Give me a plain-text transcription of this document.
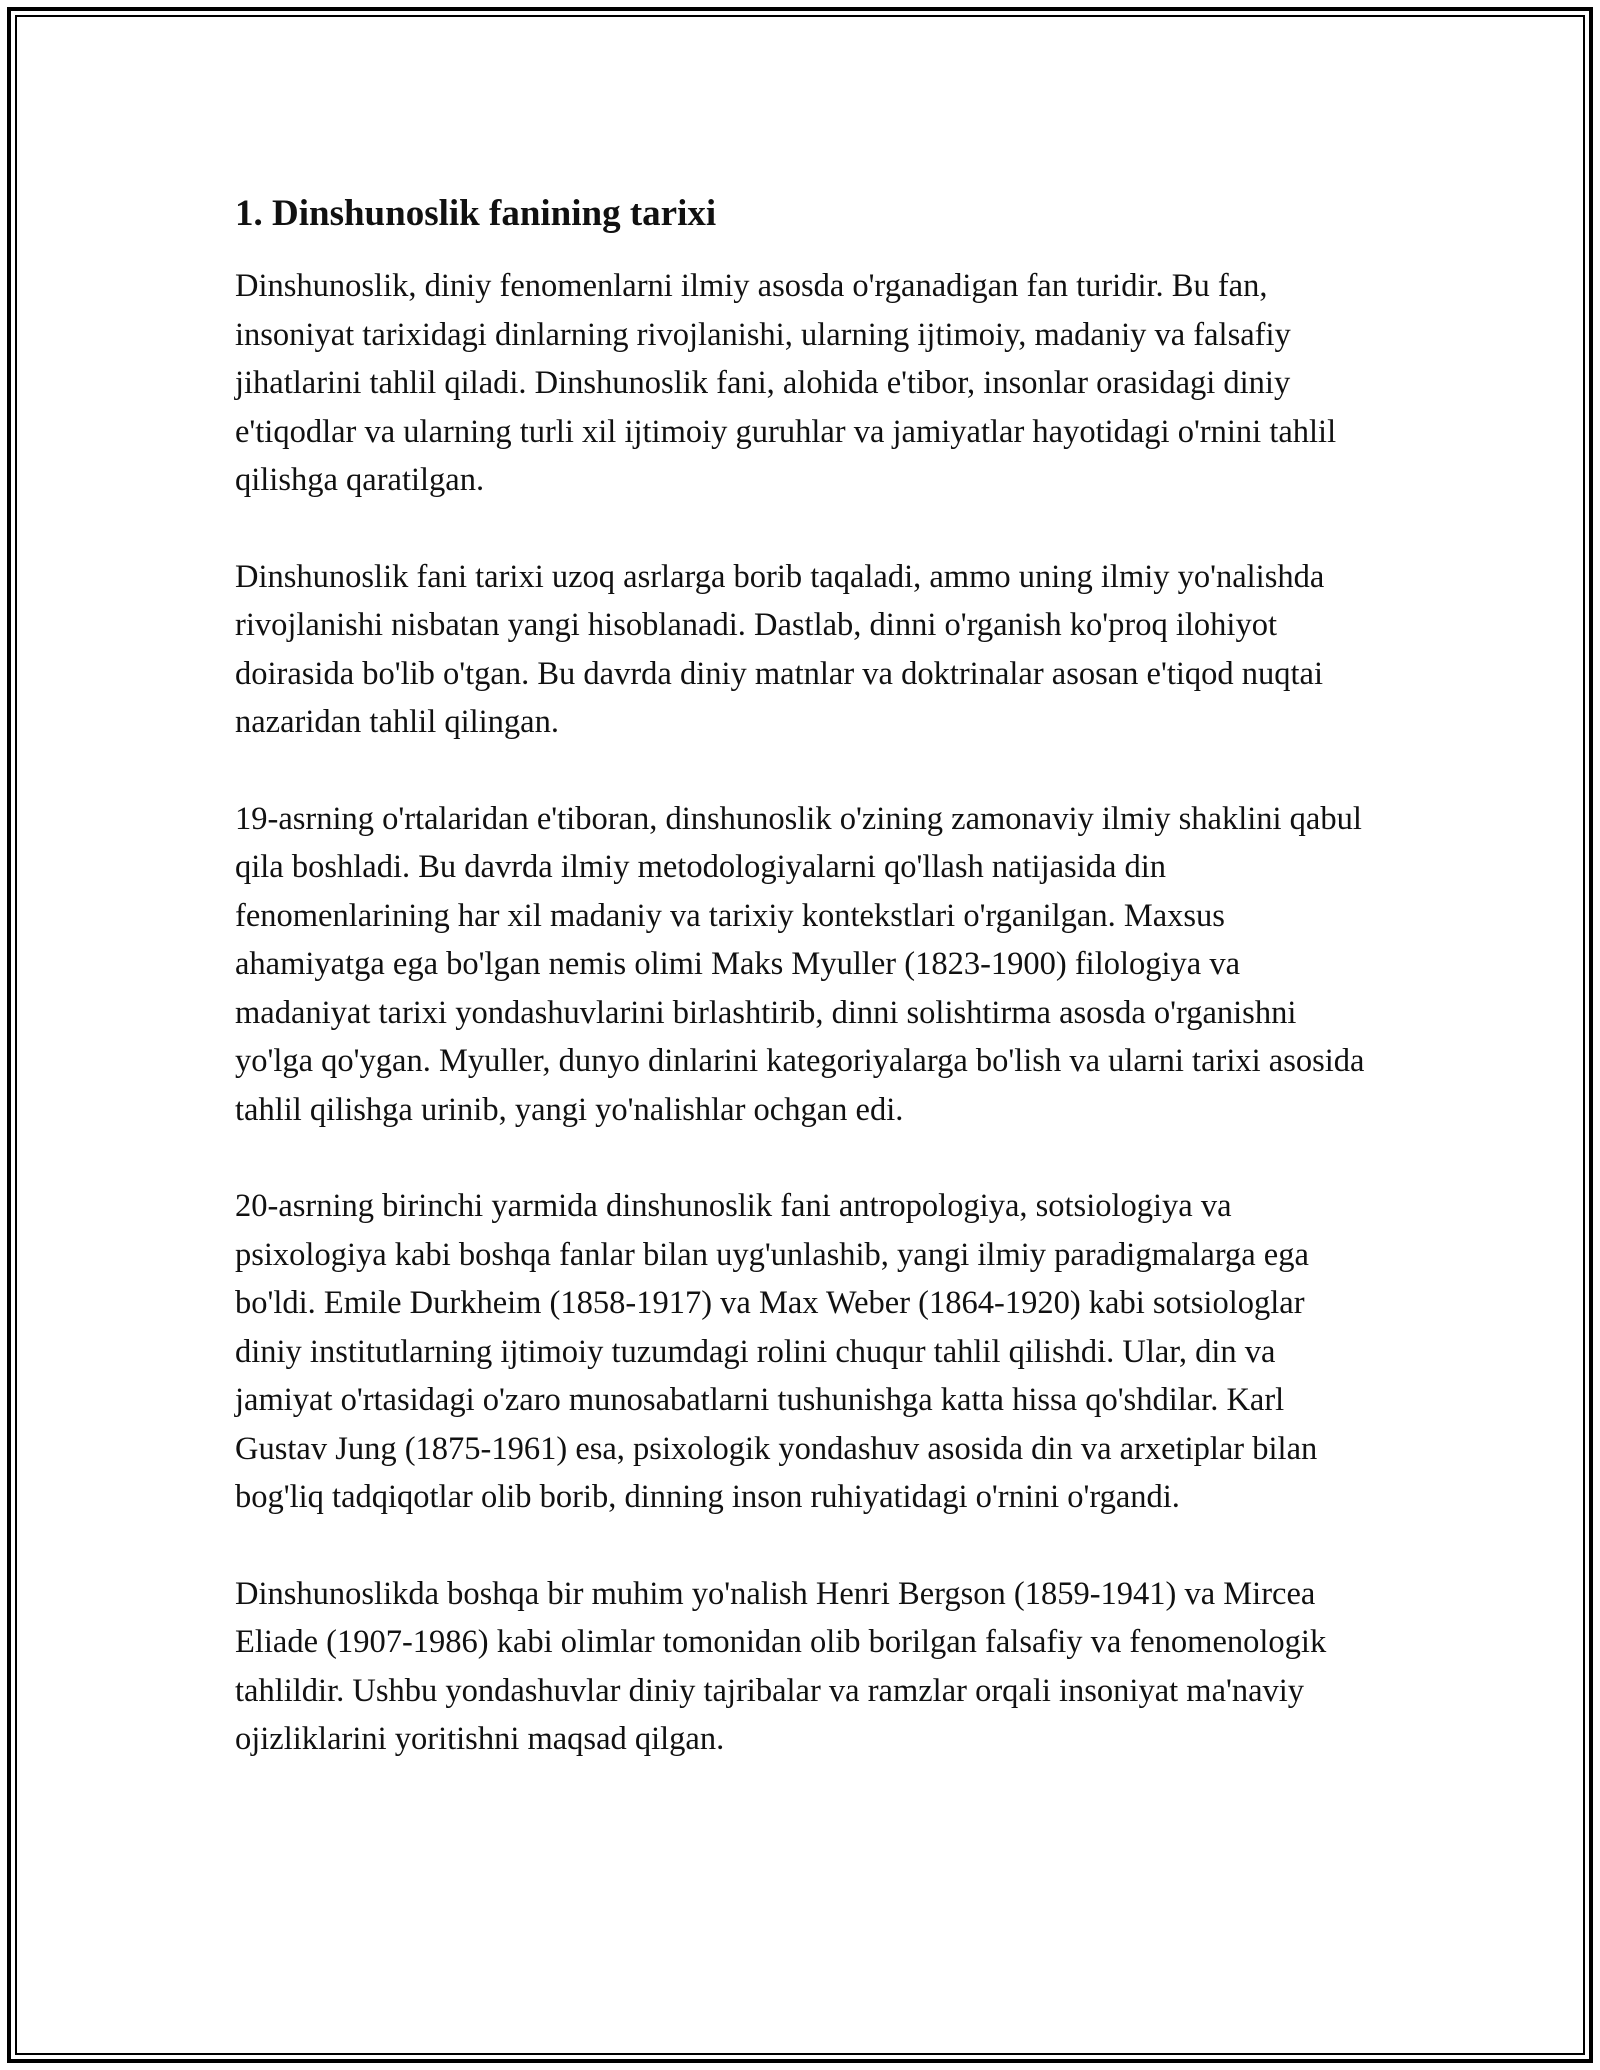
1. Dinshunoslik fanining tarixi

Dinshunoslik, diniy fenomenlarni ilmiy asosda o'rganadigan fan turidir. Bu fan, insoniyat tarixidagi dinlarning rivojlanishi, ularning ijtimoiy, madaniy va falsafiy jihatlarini tahlil qiladi. Dinshunoslik fani, alohida e'tibor, insonlar orasidagi diniy e'tiqodlar va ularning turli xil ijtimoiy guruhlar va jamiyatlar hayotidagi o'rnini tahlil qilishga qaratilgan.

Dinshunoslik fani tarixi uzoq asrlarga borib taqaladi, ammo uning ilmiy yo'nalishda rivojlanishi nisbatan yangi hisoblanadi. Dastlab, dinni o'rganish ko'proq ilohiyot doirasida bo'lib o'tgan. Bu davrda diniy matnlar va doktrinalar asosan e'tiqod nuqtai nazaridan tahlil qilingan.

19-asrning o'rtalaridan e'tiboran, dinshunoslik o'zining zamonaviy ilmiy shaklini qabul qila boshladi. Bu davrda ilmiy metodologiyalarni qo'llash natijasida din fenomenlarining har xil madaniy va tarixiy kontekstlari o'rganilgan. Maxsus ahamiyatga ega bo'lgan nemis olimi Maks Myuller (1823-1900) filologiya va madaniyat tarixi yondashuvlarini birlashtirib, dinni solishtirma asosda o'rganishni yo'lga qo'ygan. Myuller, dunyo dinlarini kategoriyalarga bo'lish va ularni tarixi asosida tahlil qilishga urinib, yangi yo'nalishlar ochgan edi.

20-asrning birinchi yarmida dinshunoslik fani antropologiya, sotsiologiya va psixologiya kabi boshqa fanlar bilan uyg'unlashib, yangi ilmiy paradigmalarga ega bo'ldi. Emile Durkheim (1858-1917) va Max Weber (1864-1920) kabi sotsiologlar diniy institutlarning ijtimoiy tuzumdagi rolini chuqur tahlil qilishdi. Ular, din va jamiyat o'rtasidagi o'zaro munosabatlarni tushunishga katta hissa qo'shdilar. Karl Gustav Jung (1875-1961) esa, psixologik yondashuv asosida din va arxetiplar bilan bog'liq tadqiqotlar olib borib, dinning inson ruhiyatidagi o'rnini o'rgandi.

Dinshunoslikda boshqa bir muhim yo'nalish Henri Bergson (1859-1941) va Mircea Eliade (1907-1986) kabi olimlar tomonidan olib borilgan falsafiy va fenomenologik tahlildir. Ushbu yondashuvlar diniy tajribalar va ramzlar orqali insoniyat ma'naviy ojizliklarini yoritishni maqsad qilgan.
